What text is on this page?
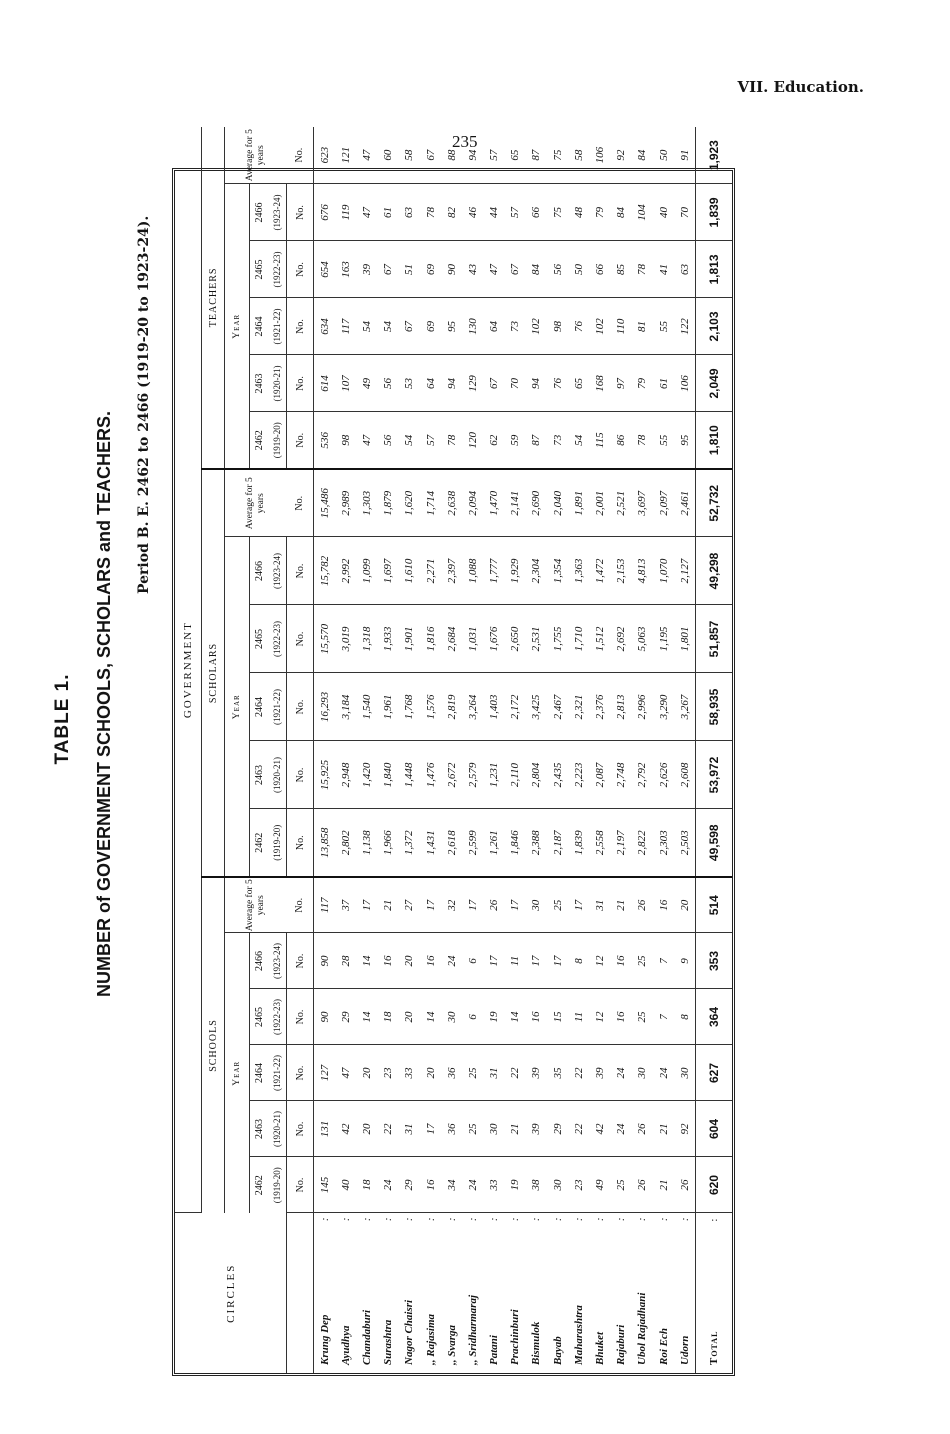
VII. Education.
235
TABLE 1. NUMBER of GOVERNMENT SCHOOLS, SCHOLARS and TEACHERS.
Period B. E. 2462 to 2466 (1919-20 to 1923-24).
CIRCLES	GOVERNMENT																	
	SCHOOLS						SCHOLARS						TEACHERS					
	Year					Average for 5 years	Year					Average for 5 years	Year					Average for 5 years
	2462	2463	2464	2465	2466		2462	2463	2464	2465	2466		2462	2463	2464	2465	2466	
	(1919-20)	(1920-21)	(1921-22)	(1922-23)	(1923-24)		(1919-20)	(1920-21)	(1921-22)	(1922-23)	(1923-24)		(1919-20)	(1920-21)	(1921-22)	(1922-23)	(1923-24)	
	No.	No.	No.	No.	No.	No.	No.	No.	No.	No.	No.	No.	No.	No.	No.	No.	No.	No.
Krung Dep
:	145	131	127	90	90	117	13,858	15,925	16,293	15,570	15,782	15,486	536	614	634	654	676	623
Ayudhya
:	40	42	47	29	28	37	2,802	2,948	3,184	3,019	2,992	2,989	98	107	117	163	119	121
Chandaburi
:	18	20	20	14	14	17	1,138	1,420	1,540	1,318	1,099	1,303	47	49	54	39	47	47
Surashtra
:	24	22	23	18	16	21	1,966	1,840	1,961	1,933	1,697	1,879	56	56	54	67	61	60
Nagor Chaisri
:	29	31	33	20	20	27	1,372	1,448	1,768	1,901	1,610	1,620	54	53	67	51	63	58
,, Rajasima
:	16	17	20	14	16	17	1,431	1,476	1,576	1,816	2,271	1,714	57	64	69	69	78	67
,, Svarga
:	34	36	36	30	24	32	2,618	2,672	2,819	2,684	2,397	2,638	78	94	95	90	82	88
,, Sridharmaraj
:	24	25	25	6	6	17	2,599	2,579	3,264	1,031	1,088	2,094	120	129	130	43	46	94
Patani
:	33	30	31	19	17	26	1,261	1,231	1,403	1,676	1,777	1,470	62	67	64	47	44	57
Prachinburi
:	19	21	22	14	11	17	1,846	2,110	2,172	2,650	1,929	2,141	59	70	73	67	57	65
Bismulok
:	38	39	39	16	17	30	2,388	2,804	3,425	2,531	2,304	2,690	87	94	102	84	66	87
Bayab
:	30	29	35	15	17	25	2,187	2,435	2,467	1,755	1,354	2,040	73	76	98	56	75	75
Maharashtra
:	23	22	22	11	8	17	1,839	2,223	2,321	1,710	1,363	1,891	54	65	76	50	48	58
Bhuket
:	49	42	39	12	12	31	2,558	2,087	2,376	1,512	1,472	2,001	115	168	102	66	79	106
Rajaburi
:	25	24	24	16	16	21	2,197	2,748	2,813	2,692	2,153	2,521	86	97	110	85	84	92
Ubol Rajadhani
:	26	26	30	25	25	26	2,822	2,792	2,996	5,063	4,813	3,697	78	79	81	78	104	84
Roi Ech
:	21	21	24	7	7	16	2,303	2,626	3,290	1,195	1,070	2,097	55	61	55	41	40	50
Udorn
:	26	92	30	8	9	20	2,503	2,608	3,267	1,801	2,127	2,461	95	106	122	63	70	91
Total
:	620	604	627	364	353	514	49,598	53,972	58,935	51,857	49,298	52,732	1,810	2,049	2,103	1,813	1,839	1,923
